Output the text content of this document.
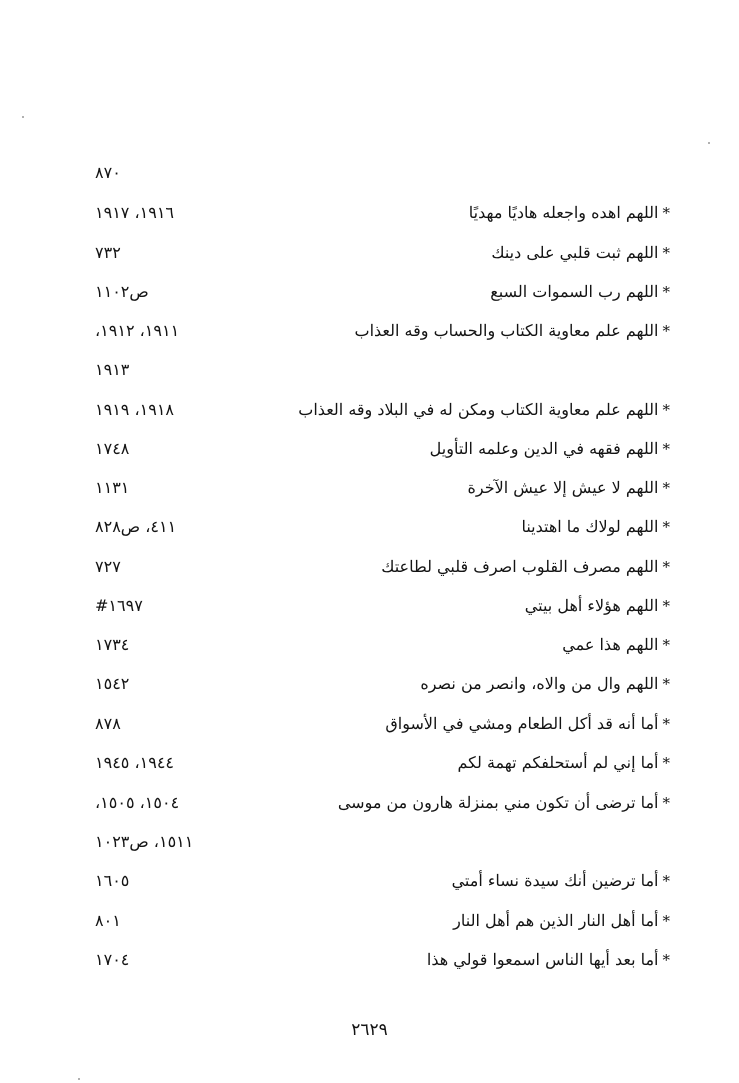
٨٧٠
*اللهم اهده واجعله هاديًا مهديًا
١٩١٦، ١٩١٧
*اللهم ثبت قلبي على دينك
٧٣٢
*اللهم رب السموات السبع
ص١١٠٢
*اللهم علم معاوية الكتاب والحساب وقه العذاب
١٩١١، ١٩١٢،
١٩١٣
*اللهم علم معاوية الكتاب ومكن له في البلاد وقه العذاب
١٩١٨، ١٩١٩
*اللهم فقهه في الدين وعلمه التأويل
١٧٤٨
*اللهم لا عيش إلا عيش الآخرة
١١٣١
*اللهم لولاك ما اهتدينا
٤١١، ص٨٢٨
*اللهم مصرف القلوب اصرف قلبي لطاعتك
٧٢٧
*اللهم هؤلاء أهل بيتي
١٦٩٧#
*اللهم هذا عمي
١٧٣٤
*اللهم وال من والاه، وانصر من نصره
١٥٤٢
*أما أنه قد أكل الطعام ومشي في الأسواق
٨٧٨
*أما إني لم أستحلفكم تهمة لكم
١٩٤٤، ١٩٤٥
*أما ترضى أن تكون مني بمنزلة هارون من موسى
١٥٠٤، ١٥٠٥،
١٥١١، ص١٠٢٣
*أما ترضين أنك سيدة نساء أمتي
١٦٠٥
*أما أهل النار الذين هم أهل النار
٨٠١
*أما بعد أيها الناس اسمعوا قولي هذا
١٧٠٤
٢٦٢٩
